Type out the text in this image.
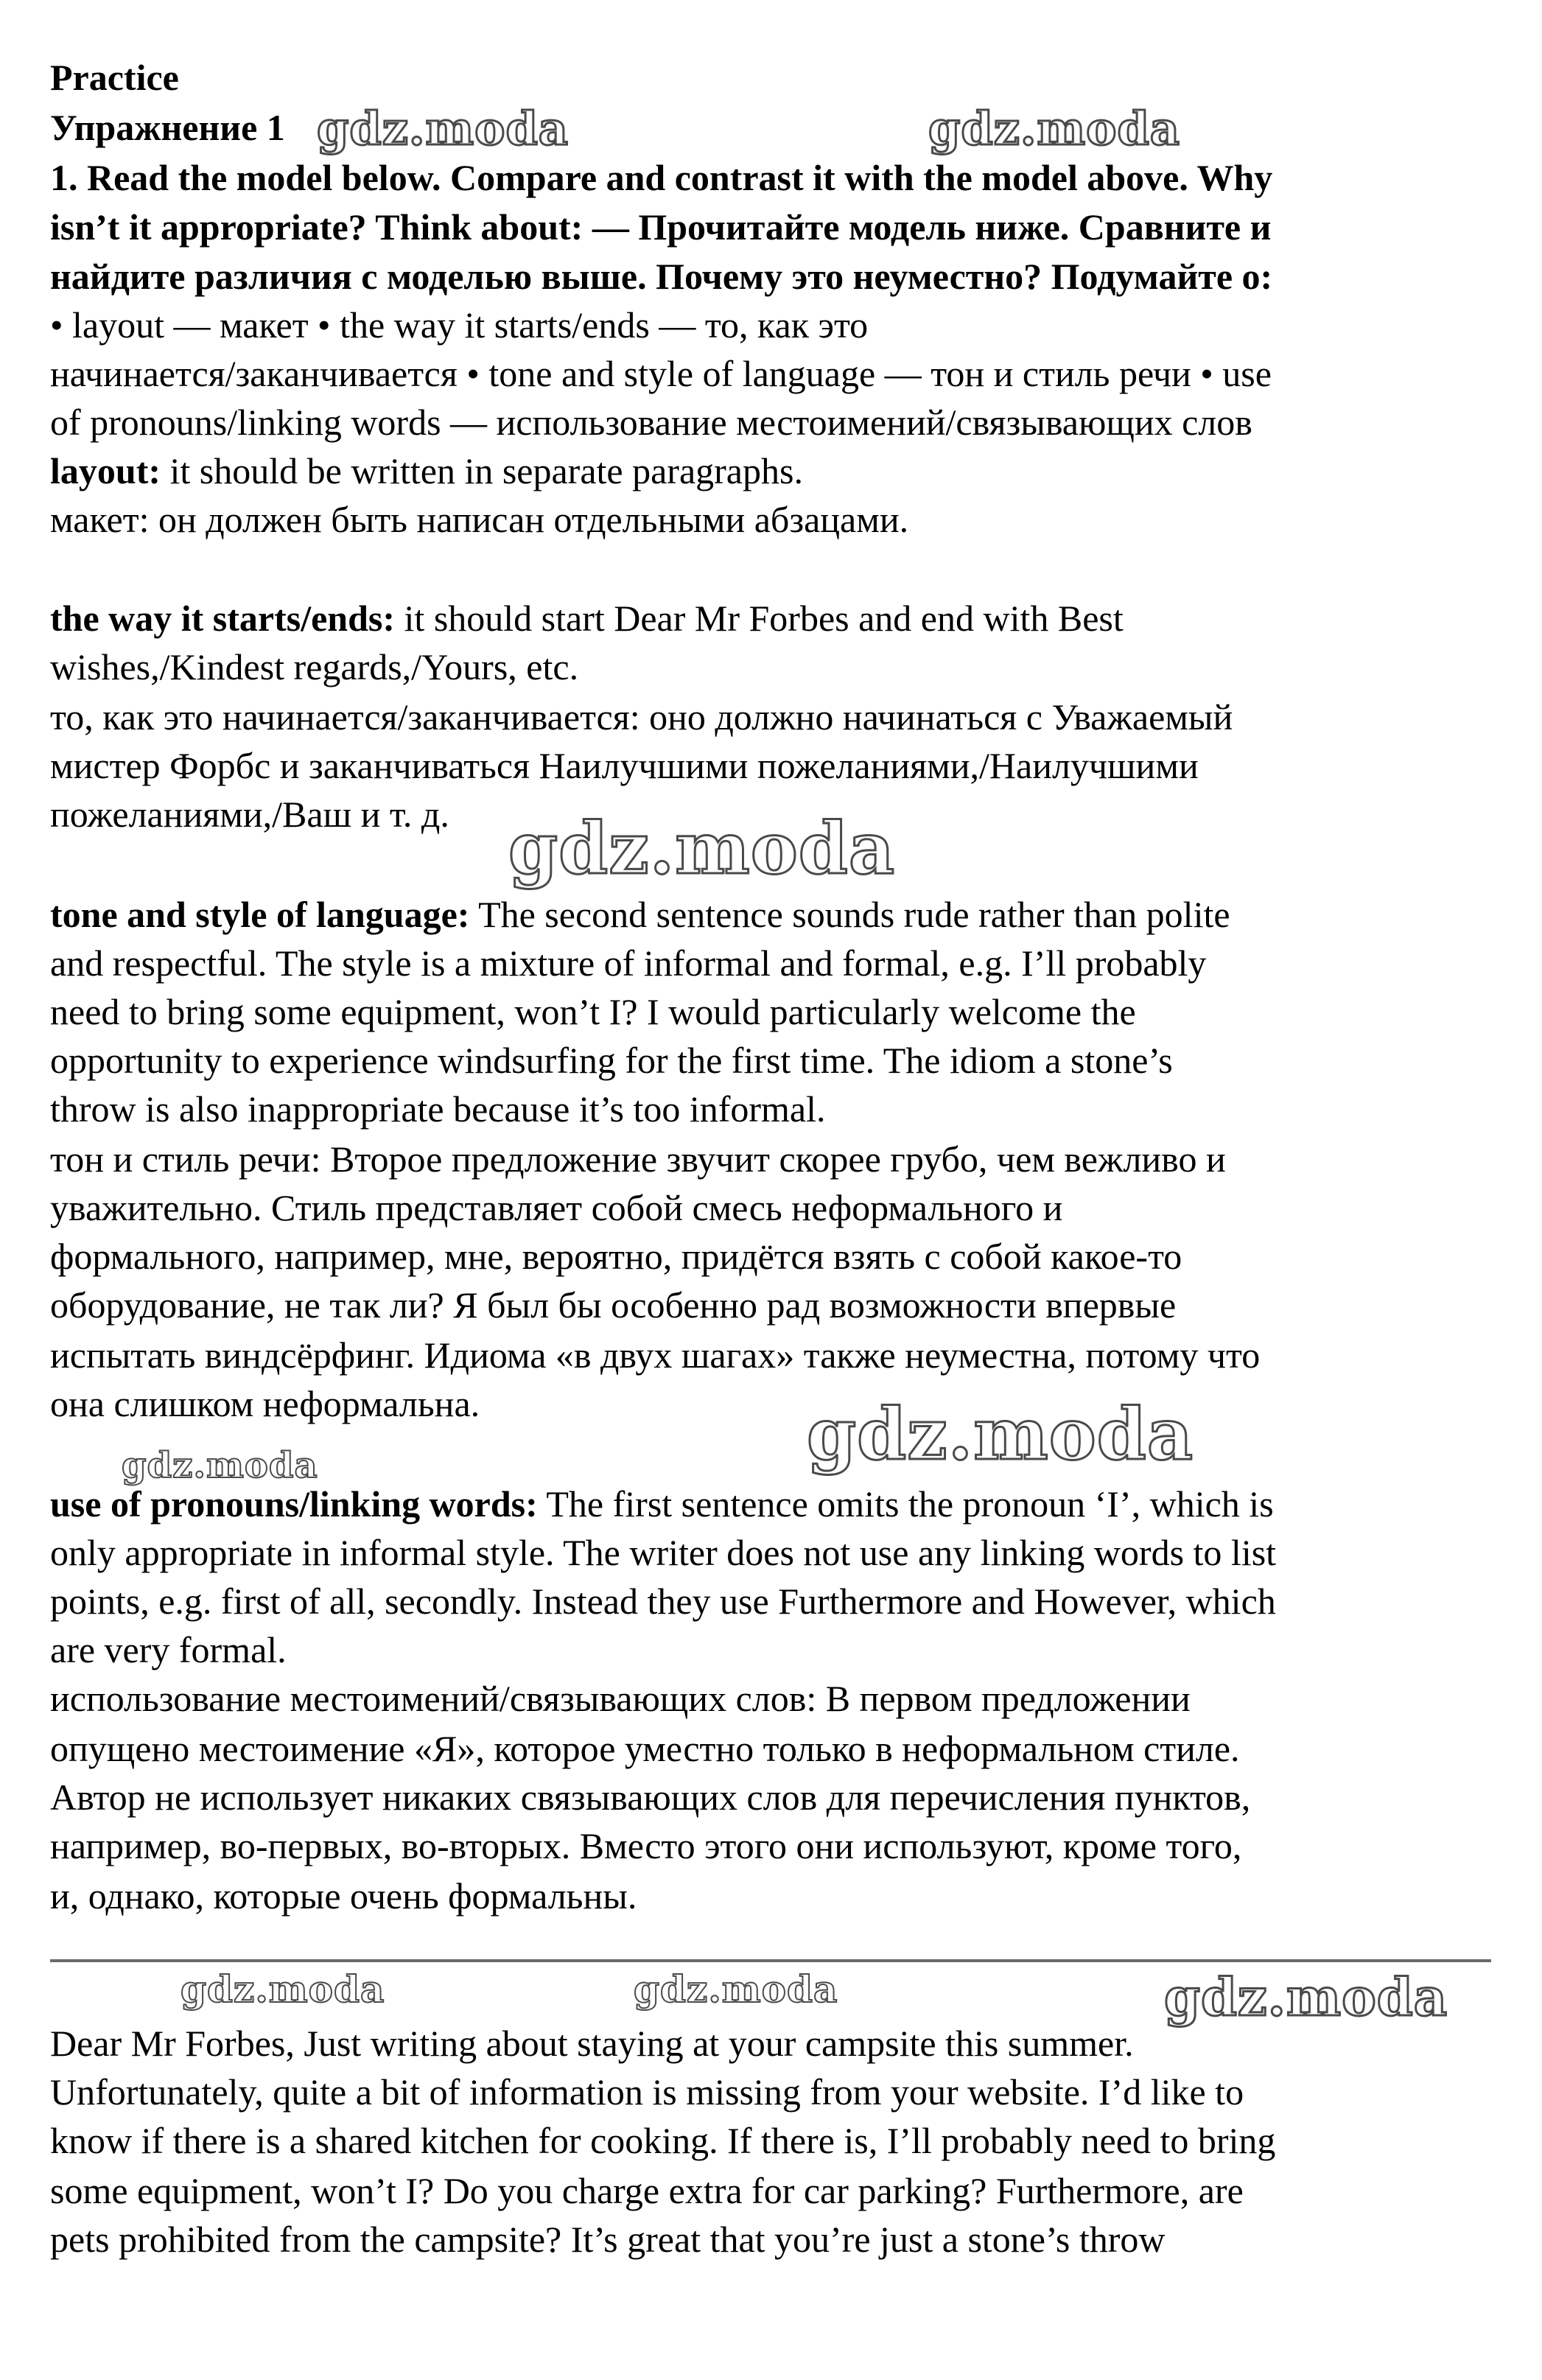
Practice
Упражнение 1
1. Read the model below. Compare and contrast it with the model above. Why
isn’t it appropriate? Think about: — Прочитайте модель ниже. Сравните и
найдите различия с моделью выше. Почему это неуместно? Подумайте о:
• layout — макет • the way it starts/ends — то, как это
начинается/заканчивается • tone and style of language — тон и стиль речи • use
of pronouns/linking words — использование местоимений/связывающих слов
layout: it should be written in separate paragraphs.
макет: он должен быть написан отдельными абзацами.
the way it starts/ends: it should start Dear Mr Forbes and end with Best
wishes,/Kindest regards,/Yours, etc.
то, как это начинается/заканчивается: оно должно начинаться с Уважаемый
мистер Форбс и заканчиваться Наилучшими пожеланиями,/Наилучшими
пожеланиями,/Ваш и т. д.
tone and style of language: The second sentence sounds rude rather than polite
and respectful. The style is a mixture of informal and formal, e.g. I’ll probably
need to bring some equipment, won’t I? I would particularly welcome the
opportunity to experience windsurfing for the first time. The idiom a stone’s
throw is also inappropriate because it’s too informal.
тон и стиль речи: Второе предложение звучит скорее грубо, чем вежливо и
уважительно. Стиль представляет собой смесь неформального и
формального, например, мне, вероятно, придётся взять с собой какое-то
оборудование, не так ли? Я был бы особенно рад возможности впервые
испытать виндсёрфинг. Идиома «в двух шагах» также неуместна, потому что
она слишком неформальна.
use of pronouns/linking words: The first sentence omits the pronoun ‘I’, which is
only appropriate in informal style. The writer does not use any linking words to list
points, e.g. first of all, secondly. Instead they use Furthermore and However, which
are very formal.
использование местоимений/связывающих слов: В первом предложении
опущено местоимение «Я», которое уместно только в неформальном стиле.
Автор не использует никаких связывающих слов для перечисления пунктов,
например, во-первых, во-вторых. Вместо этого они используют, кроме того,
и, однако, которые очень формальны.
Dear Mr Forbes, Just writing about staying at your campsite this summer.
Unfortunately, quite a bit of information is missing from your website. I’d like to
know if there is a shared kitchen for cooking. If there is, I’ll probably need to bring
some equipment, won’t I? Do you charge extra for car parking? Furthermore, are
pets prohibited from the campsite? It’s great that you’re just a stone’s throw
gdz.moda	gdz.moda
gdz.moda
gdz.moda
gdz.moda
gdz.moda	gdz.moda	gdz.moda
